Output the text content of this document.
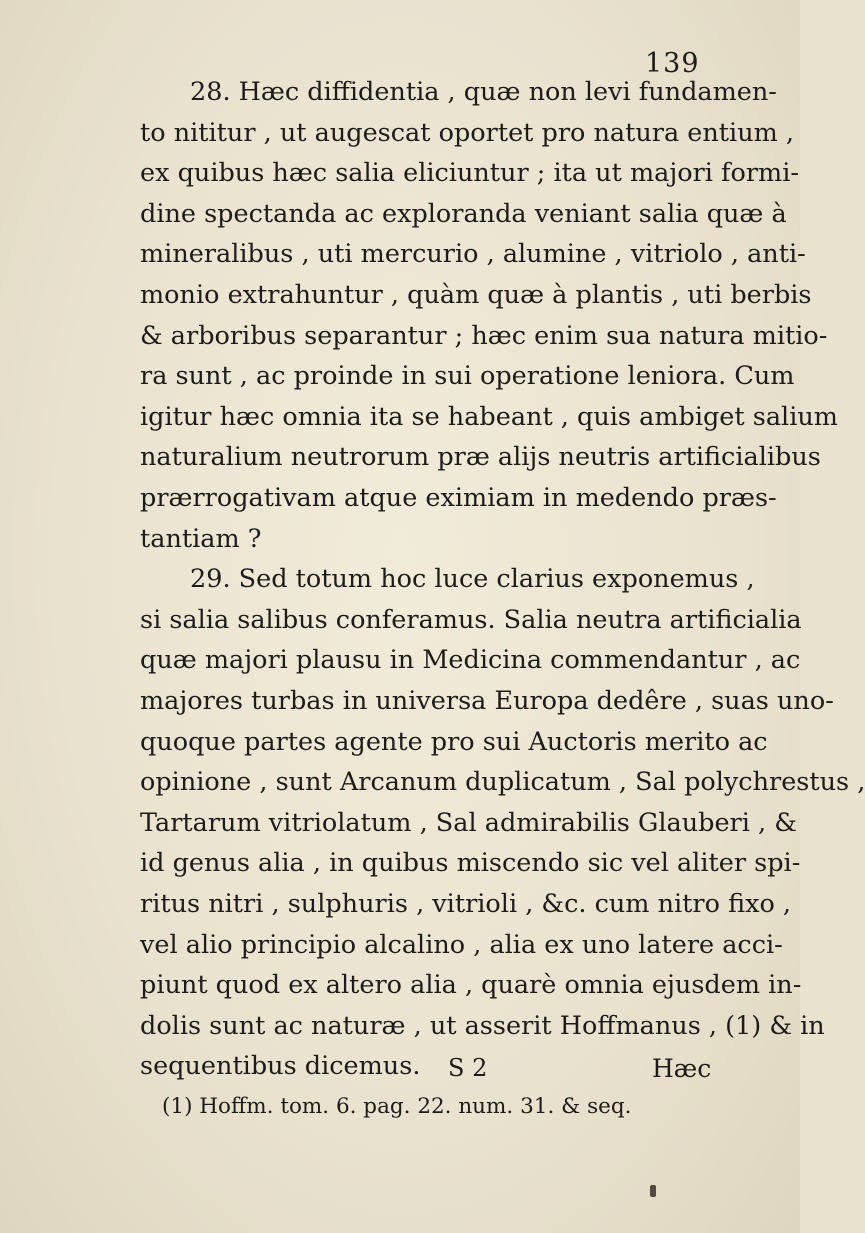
139
28. Hæc diffidentia , quæ non levi fundamen-
to nititur , ut augescat oportet pro natura entium ,
ex quibus hæc salia eliciuntur ; ita ut majori formi-
dine spectanda ac exploranda veniant salia quæ à
mineralibus , uti mercurio , alumine , vitriolo , anti-
monio extrahuntur , quàm quæ à plantis , uti berbis
& arboribus separantur ; hæc enim sua natura mitio-
ra sunt , ac proinde in sui operatione leniora. Cum
igitur hæc omnia ita se habeant , quis ambiget salium
naturalium neutrorum præ alijs neutris artificialibus
prærrogativam atque eximiam in medendo præs-
tantiam ?
29. Sed totum hoc luce clarius exponemus ,
si salia salibus conferamus. Salia neutra artificialia
quæ majori plausu in Medicina commendantur , ac
majores turbas in universa Europa dedêre , suas uno-
quoque partes agente pro sui Auctoris merito ac
opinione , sunt Arcanum duplicatum , Sal polychrestus ,
Tartarum vitriolatum , Sal admirabilis Glauberi , &
id genus alia , in quibus miscendo sic vel aliter spi-
ritus nitri , sulphuris , vitrioli , &c. cum nitro fixo ,
vel alio principio alcalino , alia ex uno latere acci-
piunt quod ex altero alia , quarè omnia ejusdem in-
dolis sunt ac naturæ , ut asserit Hoffmanus , (1) & in
sequentibus dicemus.	S 2	Hæc
(1) Hoffm. tom. 6. pag. 22. num. 31. & seq.
